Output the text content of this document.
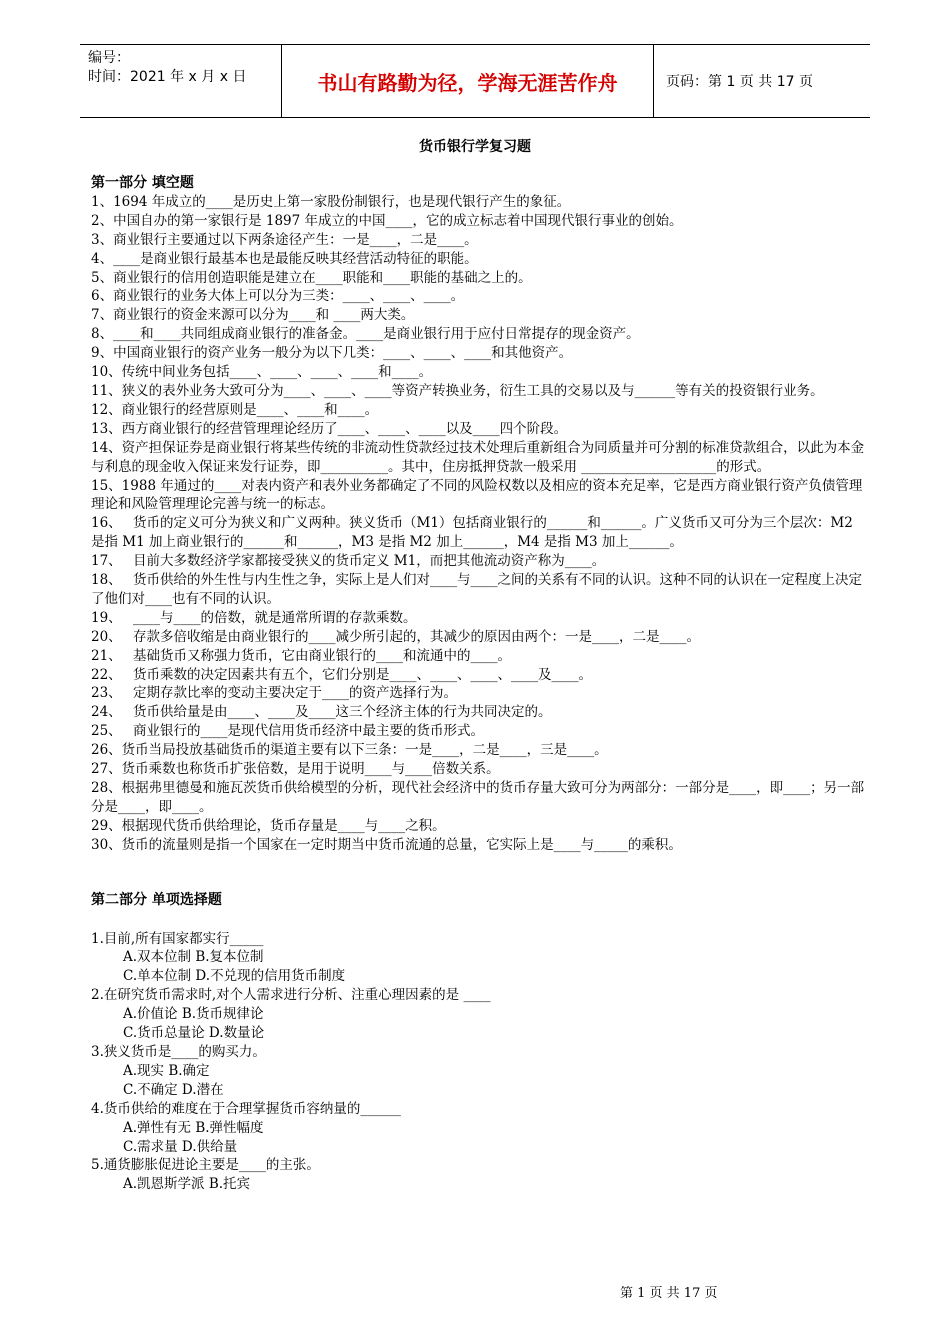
编号：
时间：2021 年 x 月 x 日	书山有路勤为径，学海无涯苦作舟	页码：第 1 页 共 17 页
货币银行学复习题
第一部分 填空题
1、1694 年成立的____是历史上第一家股份制银行，也是现代银行产生的象征。
2、中国自办的第一家银行是 1897 年成立的中国____，它的成立标志着中国现代银行事业的创始。
3、商业银行主要通过以下两条途径产生：一是____，二是____。
4、____是商业银行最基本也是最能反映其经营活动特征的职能。
5、商业银行的信用创造职能是建立在____职能和____职能的基础之上的。
6、商业银行的业务大体上可以分为三类：____、____、____。
7、商业银行的资金来源可以分为____和 ____两大类。
8、____和____共同组成商业银行的准备金。____是商业银行用于应付日常提存的现金资产。
9、中国商业银行的资产业务一般分为以下几类：____、____、____和其他资产。
10、传统中间业务包括____、____、____、____和____。
11、狭义的表外业务大致可分为____、____、____等资产转换业务，衍生工具的交易以及与______等有关的投资银行业务。
12、商业银行的经营原则是____、____和____。
13、西方商业银行的经营管理理论经历了____、____、____以及____四个阶段。
14、资产担保证券是商业银行将某些传统的非流动性贷款经过技术处理后重新组合为同质量并可分割的标准贷款组合，以此为本金与利息的现金收入保证来发行证券，即__________。其中，住房抵押贷款一般采用 ____________________的形式。
15、1988 年通过的____对表内资产和表外业务都确定了不同的风险权数以及相应的资本充足率，它是西方商业银行资产负债管理理论和风险管理理论完善与统一的标志。
16、 货币的定义可分为狭义和广义两种。狭义货币（M1）包括商业银行的______和______。广义货币又可分为三个层次：M2 是指 M1 加上商业银行的______和______，M3 是指 M2 加上______，M4 是指 M3 加上______。
17、 目前大多数经济学家都接受狭义的货币定义 M1，而把其他流动资产称为____。
18、 货币供给的外生性与内生性之争，实际上是人们对____与____之间的关系有不同的认识。这种不同的认识在一定程度上决定了他们对____也有不同的认识。
19、 ____与____的倍数，就是通常所谓的存款乘数。
20、 存款多倍收缩是由商业银行的____减少所引起的，其减少的原因由两个：一是____，二是____。
21、 基础货币又称强力货币，它由商业银行的____和流通中的____。
22、 货币乘数的决定因素共有五个，它们分别是____、____、____、____及____。
23、 定期存款比率的变动主要决定于____的资产选择行为。
24、 货币供给量是由____、____及____这三个经济主体的行为共同决定的。
25、 商业银行的____是现代信用货币经济中最主要的货币形式。
26、货币当局投放基础货币的渠道主要有以下三条：一是____，二是____，三是____。
27、货币乘数也称货币扩张倍数，是用于说明____与____倍数关系。
28、根据弗里德曼和施瓦茨货币供给模型的分析，现代社会经济中的货币存量大致可分为两部分：一部分是____，即____；另一部分是____，即____。
29、根据现代货币供给理论，货币存量是____与____之积。
30、货币的流量则是指一个国家在一定时期当中货币流通的总量，它实际上是____与_____的乘积。
第二部分 单项选择题
1.目前,所有国家都实行_____
A.双本位制 B.复本位制
C.单本位制 D.不兑现的信用货币制度
2.在研究货币需求时,对个人需求进行分析、注重心理因素的是 ____
A.价值论 B.货币规律论
C.货币总量论 D.数量论
3.狭义货币是____的购买力。
A.现实 B.确定
C.不确定 D.潜在
4.货币供给的难度在于合理掌握货币容纳量的______
A.弹性有无 B.弹性幅度
C.需求量 D.供给量
5.通货膨胀促进论主要是____的主张。
A.凯恩斯学派 B.托宾
第 1 页 共 17 页
